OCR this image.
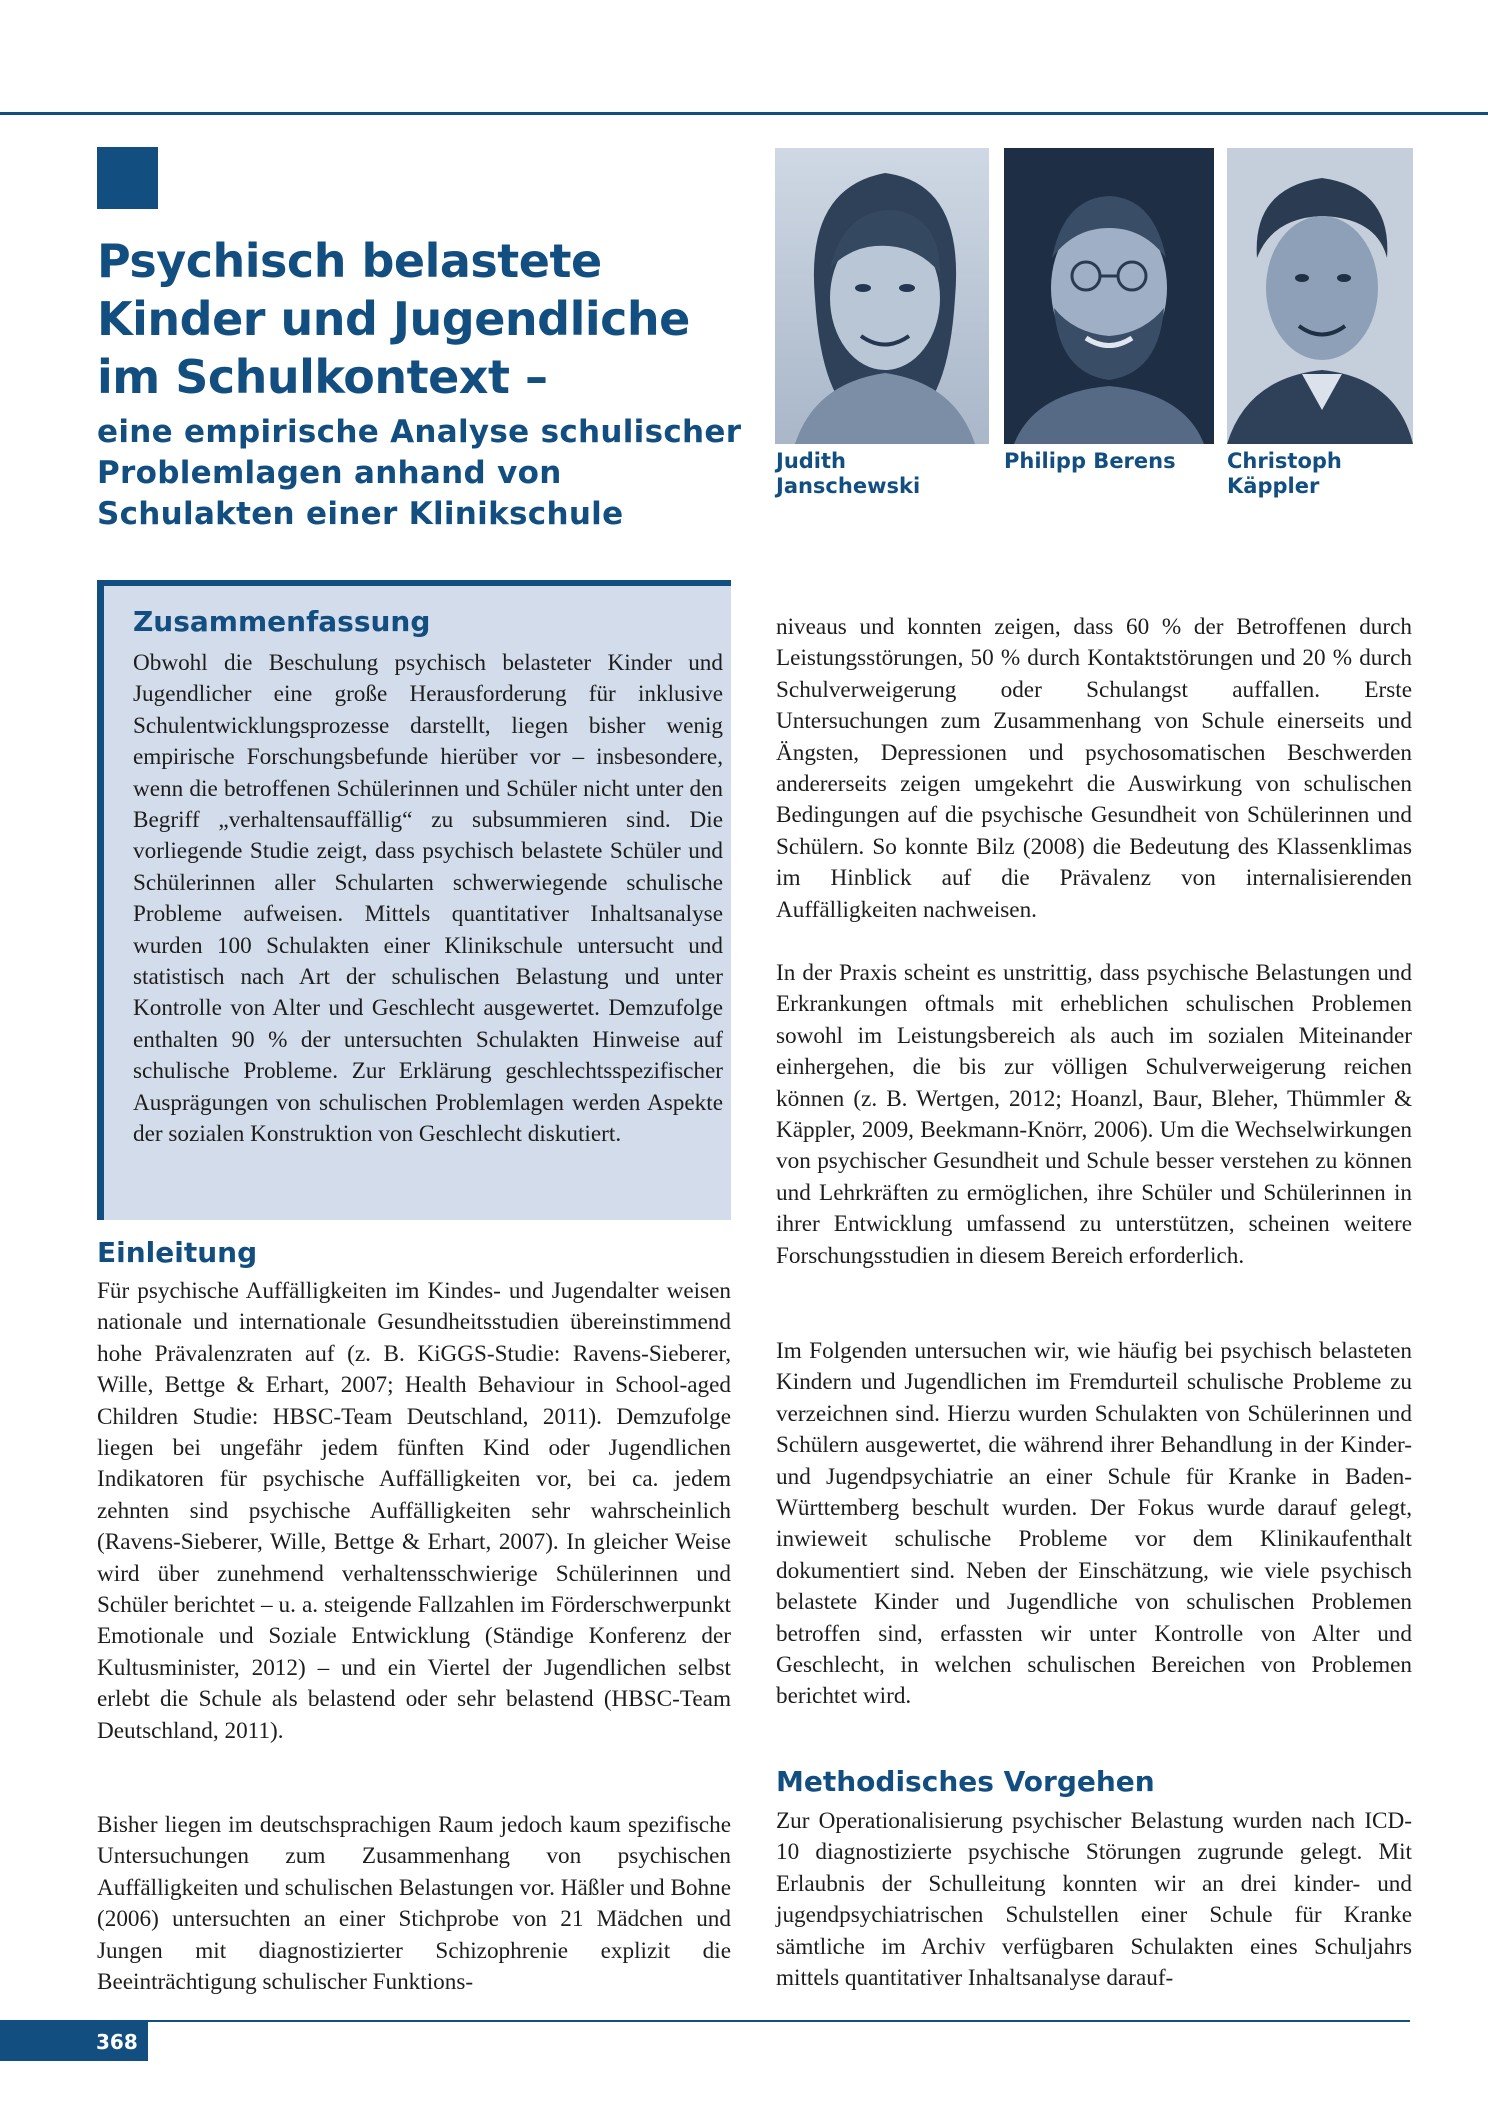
Psychisch belastete Kinder und Jugendliche im Schulkontext –
eine empirische Analyse schulischer Problemlagen anhand von Schulakten einer Klinikschule

Judith Janschewski

Philipp Berens	Christoph Käppler

Zusammenfassung

Obwohl die Beschulung psychisch belasteter Kinder und Jugendlicher eine große Herausforderung für inklusive Schulentwicklungsprozesse darstellt, liegen bisher wenig empirische Forschungsbefunde hierüber vor – insbesondere, wenn die betroffenen Schülerinnen und Schüler nicht unter den Begriff „verhaltensauffällig“ zu subsummieren sind. Die vorliegende Studie zeigt, dass psychisch belastete Schüler und Schülerinnen aller Schularten schwerwiegende schulische Probleme aufweisen. Mittels quantitativer Inhaltsanalyse wurden 100 Schulakten einer Klinikschule untersucht und statistisch nach Art der schulischen Belastung und unter Kontrolle von Alter und Geschlecht ausgewertet. Demzufolge enthalten 90 % der untersuchten Schulakten Hinweise auf schulische Probleme. Zur Erklärung geschlechtsspezifischer Ausprägungen von schulischen Problemlagen werden Aspekte der sozialen Konstruktion von Geschlecht diskutiert.

Einleitung

Für psychische Auffälligkeiten im Kindes- und Jugendalter weisen nationale und internationale Gesundheitsstudien übereinstimmend hohe Prävalenzraten auf (z. B. KiGGS-Studie: Ravens-Sieberer, Wille, Bettge & Erhart, 2007; Health Behaviour in School-aged Children Studie: HBSC-Team Deutschland, 2011). Demzufolge liegen bei ungefähr jedem fünften Kind oder Jugendlichen Indikatoren für psychische Auffälligkeiten vor, bei ca. jedem zehnten sind psychische Auffälligkeiten sehr wahrscheinlich (Ravens-Sieberer, Wille, Bettge & Erhart, 2007). In gleicher Weise wird über zunehmend verhaltensschwierige Schülerinnen und Schüler berichtet – u. a. steigende Fallzahlen im Förderschwerpunkt Emotionale und Soziale Entwicklung (Ständige Konferenz der Kultusminister, 2012) – und ein Viertel der Jugendlichen selbst erlebt die Schule als belastend oder sehr belastend (HBSC-Team Deutschland, 2011).

Bisher liegen im deutschsprachigen Raum jedoch kaum spezifische Untersuchungen zum Zusammenhang von psychischen Auffälligkeiten und schulischen Belastungen vor. Häßler und Bohne (2006) untersuchten an einer Stichprobe von 21 Mädchen und Jungen mit diagnostizierter Schizophrenie explizit die Beeinträchtigung schulischer Funktions-

niveaus und konnten zeigen, dass 60 % der Betroffenen durch Leistungsstörungen, 50 % durch Kontaktstörungen und 20 % durch Schulverweigerung oder Schulangst auffallen. Erste Untersuchungen zum Zusammenhang von Schule einerseits und Ängsten, Depressionen und psychosomatischen Beschwerden andererseits zeigen umgekehrt die Auswirkung von schulischen Bedingungen auf die psychische Gesundheit von Schülerinnen und Schülern. So konnte Bilz (2008) die Bedeutung des Klassenklimas im Hinblick auf die Prävalenz von internalisierenden Auffälligkeiten nachweisen.

In der Praxis scheint es unstrittig, dass psychische Belastungen und Erkrankungen oftmals mit erheblichen schulischen Problemen sowohl im Leistungsbereich als auch im sozialen Miteinander einhergehen, die bis zur völligen Schulverweigerung reichen können (z. B. Wertgen, 2012; Hoanzl, Baur, Bleher, Thümmler & Käppler, 2009, Beekmann-Knörr, 2006). Um die Wechselwirkungen von psychischer Gesundheit und Schule besser verstehen zu können und Lehrkräften zu ermöglichen, ihre Schüler und Schülerinnen in ihrer Entwicklung umfassend zu unterstützen, scheinen weitere Forschungsstudien in diesem Bereich erforderlich.

Im Folgenden untersuchen wir, wie häufig bei psychisch belasteten Kindern und Jugendlichen im Fremdurteil schulische Probleme zu verzeichnen sind. Hierzu wurden Schulakten von Schülerinnen und Schülern ausgewertet, die während ihrer Behandlung in der Kinder- und Jugendpsychiatrie an einer Schule für Kranke in Baden-Württemberg beschult wurden. Der Fokus wurde darauf gelegt, inwieweit schulische Probleme vor dem Klinikaufenthalt dokumentiert sind. Neben der Einschätzung, wie viele psychisch belastete Kinder und Jugendliche von schulischen Problemen betroffen sind, erfassten wir unter Kontrolle von Alter und Geschlecht, in welchen schulischen Bereichen von Problemen berichtet wird.

Methodisches Vorgehen

Zur Operationalisierung psychischer Belastung wurden nach ICD-10 diagnostizierte psychische Störungen zugrunde gelegt. Mit Erlaubnis der Schulleitung konnten wir an drei kinder- und jugendpsychiatrischen Schulstellen einer Schule für Kranke sämtliche im Archiv verfügbaren Schulakten eines Schuljahrs mittels quantitativer Inhaltsanalyse darauf-

368
